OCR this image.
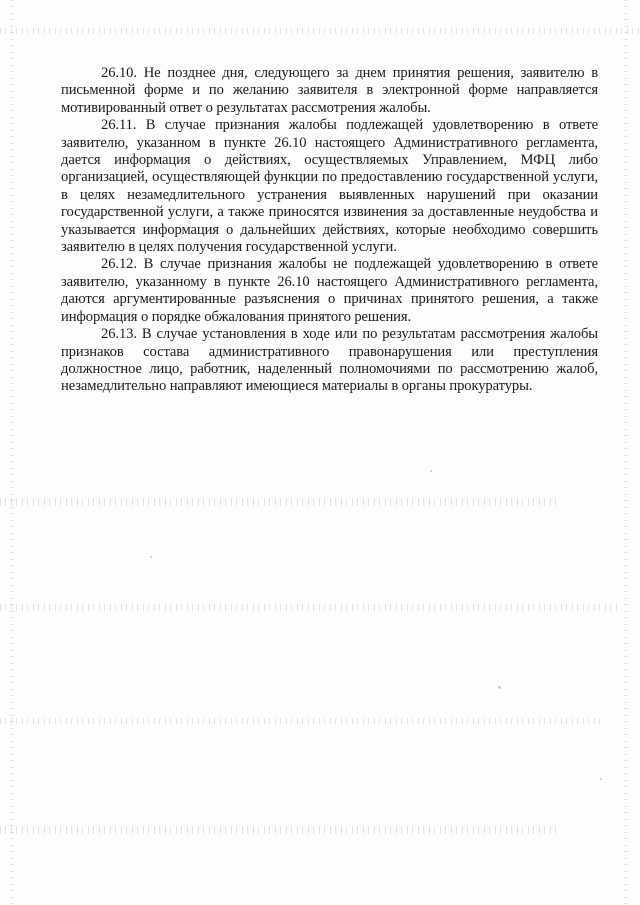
26.10. Не позднее дня, следующего за днем принятия решения, заявителю в письменной форме и по желанию заявителя в электронной форме направляется мотивированный ответ о результатах рассмотрения жалобы.

26.11. В случае признания жалобы подлежащей удовлетворению в ответе заявителю, указанном в пункте 26.10 настоящего Административного регламента, дается информация о действиях, осуществляемых Управлением, МФЦ либо организацией, осуществляющей функции по предоставлению государственной услуги, в целях незамедлительного устранения выявленных нарушений при оказании государственной услуги, а также приносятся извинения за доставленные неудобства и указывается информация о дальнейших действиях, которые необходимо совершить заявителю в целях получения государственной услуги.

26.12. В случае признания жалобы не подлежащей удовлетворению в ответе заявителю, указанному в пункте 26.10 настоящего Административного регламента, даются аргументированные разъяснения о причинах принятого решения, а также информация о порядке обжалования принятого решения.

26.13. В случае установления в ходе или по результатам рассмотрения жалобы признаков состава административного правонарушения или преступления должностное лицо, работник, наделенный полномочиями по рассмотрению жалоб, незамедлительно направляют имеющиеся материалы в органы прокуратуры.
